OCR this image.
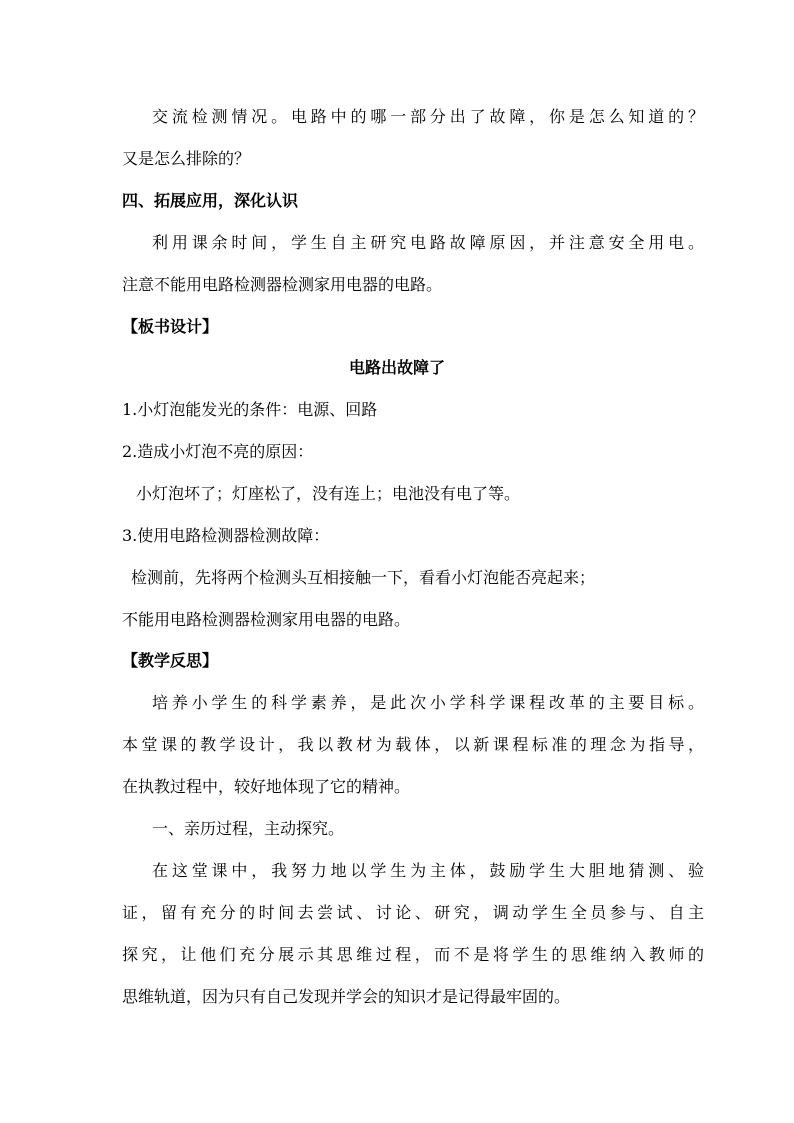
交流检测情况。电路中的哪一部分出了故障，你是怎么知道的？
又是怎么排除的？
四、拓展应用，深化认识
利用课余时间，学生自主研究电路故障原因，并注意安全用电。
注意不能用电路检测器检测家用电器的电路。
【板书设计】
电路出故障了
1.小灯泡能发光的条件：电源、回路
2.造成小灯泡不亮的原因：
小灯泡坏了；灯座松了，没有连上；电池没有电了等。
3.使用电路检测器检测故障：
检测前，先将两个检测头互相接触一下，看看小灯泡能否亮起来；
不能用电路检测器检测家用电器的电路。
【教学反思】
培养小学生的科学素养，是此次小学科学课程改革的主要目标。
本堂课的教学设计，我以教材为载体，以新课程标准的理念为指导，
在执教过程中，较好地体现了它的精神。
一、亲历过程，主动探究。
在这堂课中，我努力地以学生为主体，鼓励学生大胆地猜测、验
证，留有充分的时间去尝试、讨论、研究，调动学生全员参与、自主
探究，让他们充分展示其思维过程，而不是将学生的思维纳入教师的
思维轨道，因为只有自己发现并学会的知识才是记得最牢固的。
